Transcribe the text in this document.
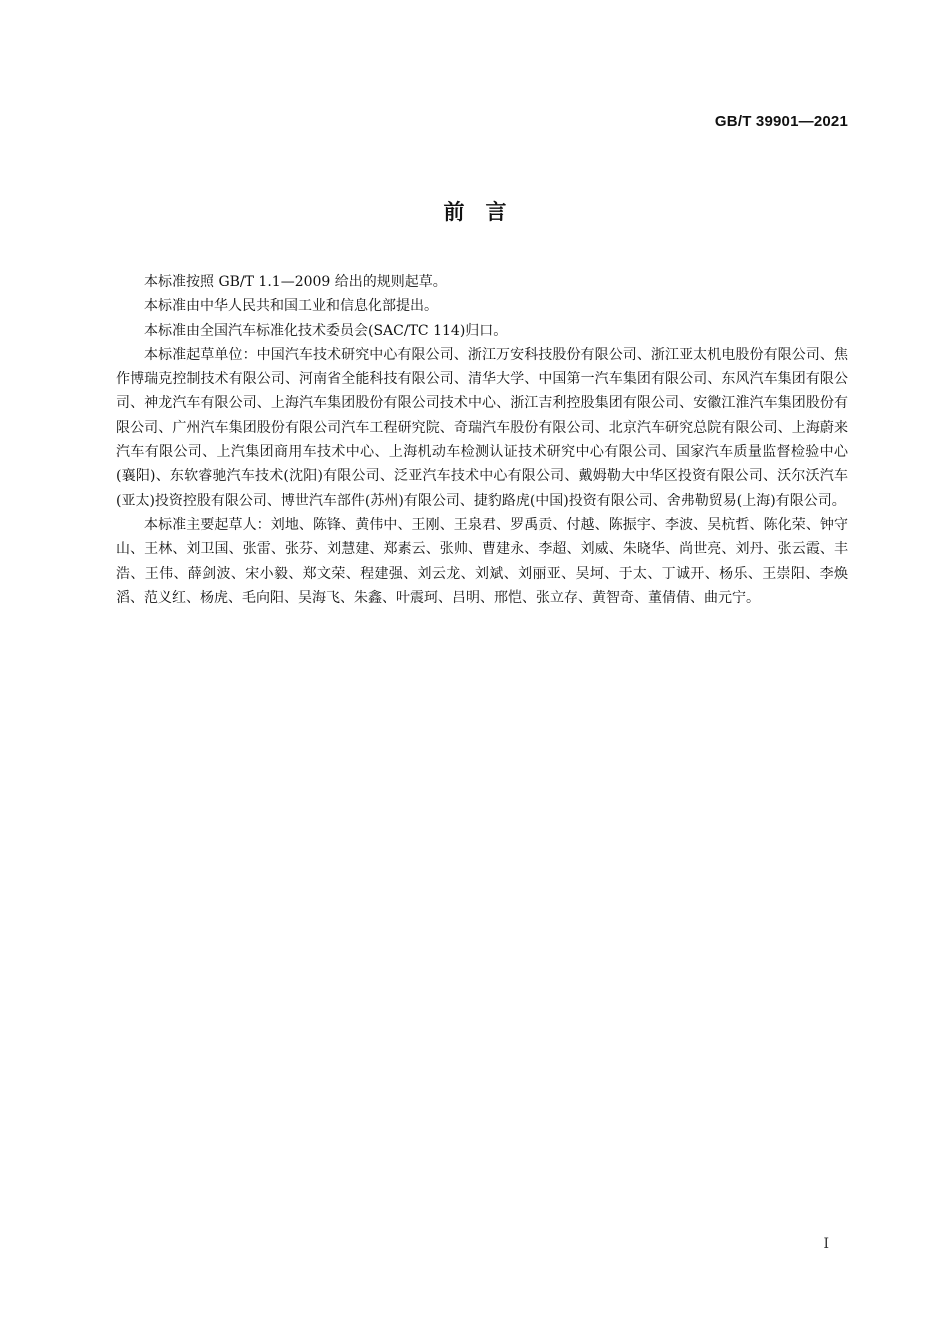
GB/T 39901—2021
前　言

本标准按照 GB/T 1.1—2009 给出的规则起草。

本标准由中华人民共和国工业和信息化部提出。

本标准由全国汽车标准化技术委员会(SAC/TC 114)归口。

本标准起草单位：中国汽车技术研究中心有限公司、浙江万安科技股份有限公司、浙江亚太机电股份有限公司、焦作博瑞克控制技术有限公司、河南省全能科技有限公司、清华大学、中国第一汽车集团有限公司、东风汽车集团有限公司、神龙汽车有限公司、上海汽车集团股份有限公司技术中心、浙江吉利控股集团有限公司、安徽江淮汽车集团股份有限公司、广州汽车集团股份有限公司汽车工程研究院、奇瑞汽车股份有限公司、北京汽车研究总院有限公司、上海蔚来汽车有限公司、上汽集团商用车技术中心、上海机动车检测认证技术研究中心有限公司、国家汽车质量监督检验中心(襄阳)、东软睿驰汽车技术(沈阳)有限公司、泛亚汽车技术中心有限公司、戴姆勒大中华区投资有限公司、沃尔沃汽车(亚太)投资控股有限公司、博世汽车部件(苏州)有限公司、捷豹路虎(中国)投资有限公司、舍弗勒贸易(上海)有限公司。

本标准主要起草人：刘地、陈锋、黄伟中、王刚、王泉君、罗禹贡、付越、陈振宇、李波、吴杭哲、陈化荣、钟守山、王林、刘卫国、张雷、张芬、刘慧建、郑素云、张帅、曹建永、李超、刘威、朱晓华、尚世亮、刘丹、张云霞、丰浩、王伟、薛剑波、宋小毅、郑文荣、程建强、刘云龙、刘斌、刘丽亚、吴坷、于太、丁诚开、杨乐、王崇阳、李焕滔、范义红、杨虎、毛向阳、吴海飞、朱鑫、叶震珂、吕明、邢恺、张立存、黄智奇、董倩倩、曲元宁。

I
